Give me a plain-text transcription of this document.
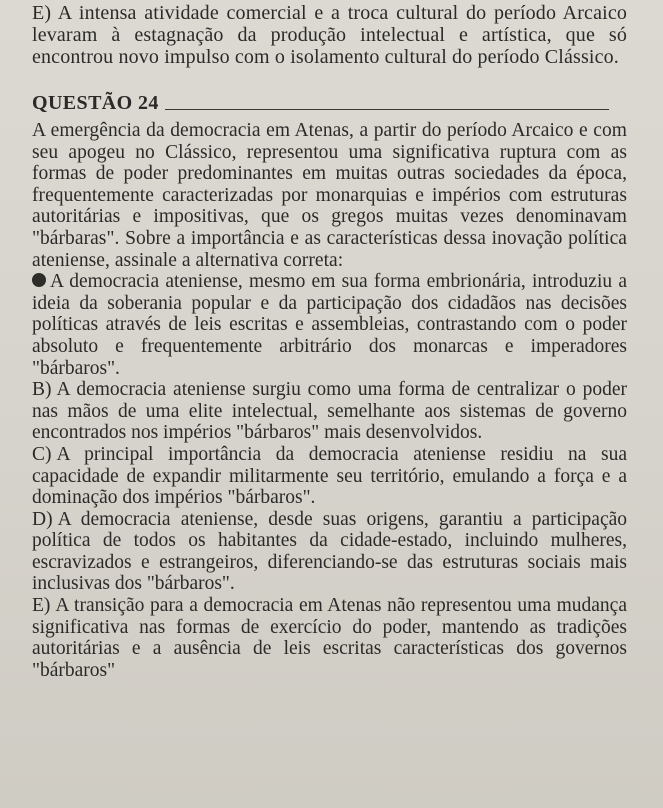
E) A intensa atividade comercial e a troca cultural do período Arcaico levaram à estagnação da produção intelectual e artística, que só encontrou novo impulso com o isolamento cultural do período Clássico.

QUESTÃO 24

A emergência da democracia em Atenas, a partir do período Arcaico e com seu apogeu no Clássico, representou uma significativa ruptura com as formas de poder predominantes em muitas outras sociedades da época, frequentemente caracterizadas por monarquias e impérios com estruturas autoritárias e impositivas, que os gregos muitas vezes denominavam "bárbaras". Sobre a importância e as características dessa inovação política ateniense, assinale a alternativa correta:

A democracia ateniense, mesmo em sua forma embrionária, introduziu a ideia da soberania popular e da participação dos cidadãos nas decisões políticas através de leis escritas e assembleias, contrastando com o poder absoluto e frequentemente arbitrário dos monarcas e imperadores "bárbaros".
B) A democracia ateniense surgiu como uma forma de centralizar o poder nas mãos de uma elite intelectual, semelhante aos sistemas de governo encontrados nos impérios "bárbaros" mais desenvolvidos.
C) A principal importância da democracia ateniense residiu na sua capacidade de expandir militarmente seu território, emulando a força e a dominação dos impérios "bárbaros".
D) A democracia ateniense, desde suas origens, garantiu a participação política de todos os habitantes da cidade-estado, incluindo mulheres, escravizados e estrangeiros, diferenciando-se das estruturas sociais mais inclusivas dos "bárbaros".
E) A transição para a democracia em Atenas não representou uma mudança significativa nas formas de exercício do poder, mantendo as tradições autoritárias e a ausência de leis escritas características dos governos "bárbaros"
